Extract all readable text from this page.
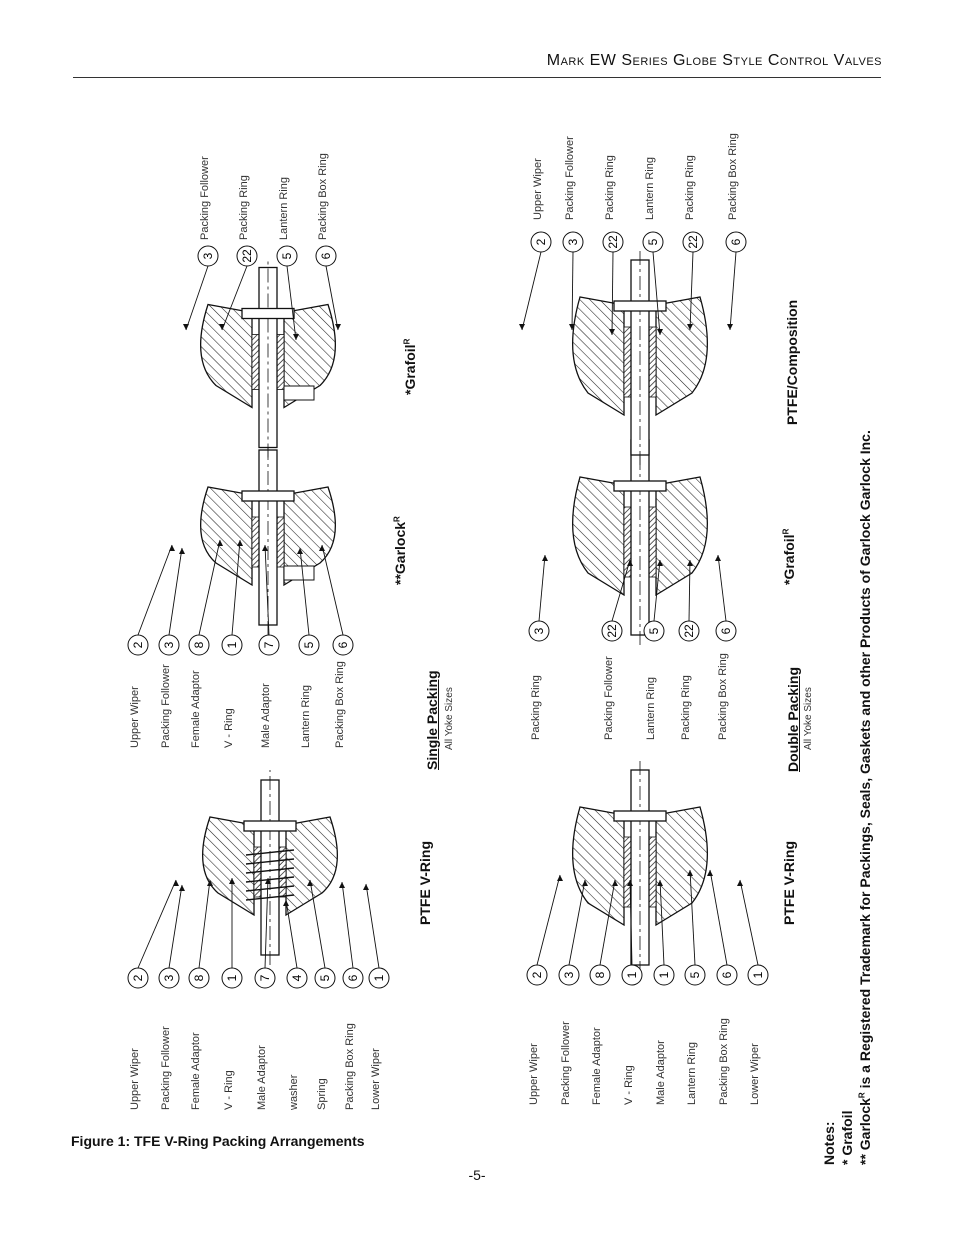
Mark EW Series Globe Style Control Valves
2 3 8 1 7 4 5 6 1
2 3 8 1 7 5 6
3 22 5 6
2 3 8 1 1 5 6 1
3	22 5 22 6
2 3 22 5 22 6
Upper Wiper Packing Follower Female Adaptor V - Ring Male Adaptor washer Spring Packing Box Ring Lower Wiper
Upper Wiper Packing Follower Female Adaptor V - Ring Male Adaptor	Lantern Ring Packing Box Ring
Packing Follower Packing Ring	Lantern Ring Packing Box Ring
Upper Wiper Packing Follower Female Adaptor V - Ring Male Adaptor Lantern Ring Packing Box Ring Lower Wiper
Packing Ring	Packing Follower	Lantern Ring Packing Ring Packing Box Ring
Upper Wiper Packing Follower	Packing Ring	Lantern Ring	Packing Ring	Packing Box Ring
PTFE V-Ring
Single Packing All Yoke Sizes
**Garlock$^R$
*Grafoil$^R$
PTFE V-Ring
Double Packing All Yoke Sizes
*Grafoil$^R$
PTFE/Composition
Notes: * Grafoil ** Garlock$^R$ is a Registered Trademark for Packings, Seals, Gaskets and other Products of Garlock Garlock Inc.
Figure 1: TFE V-Ring Packing Arrangements
-5-
